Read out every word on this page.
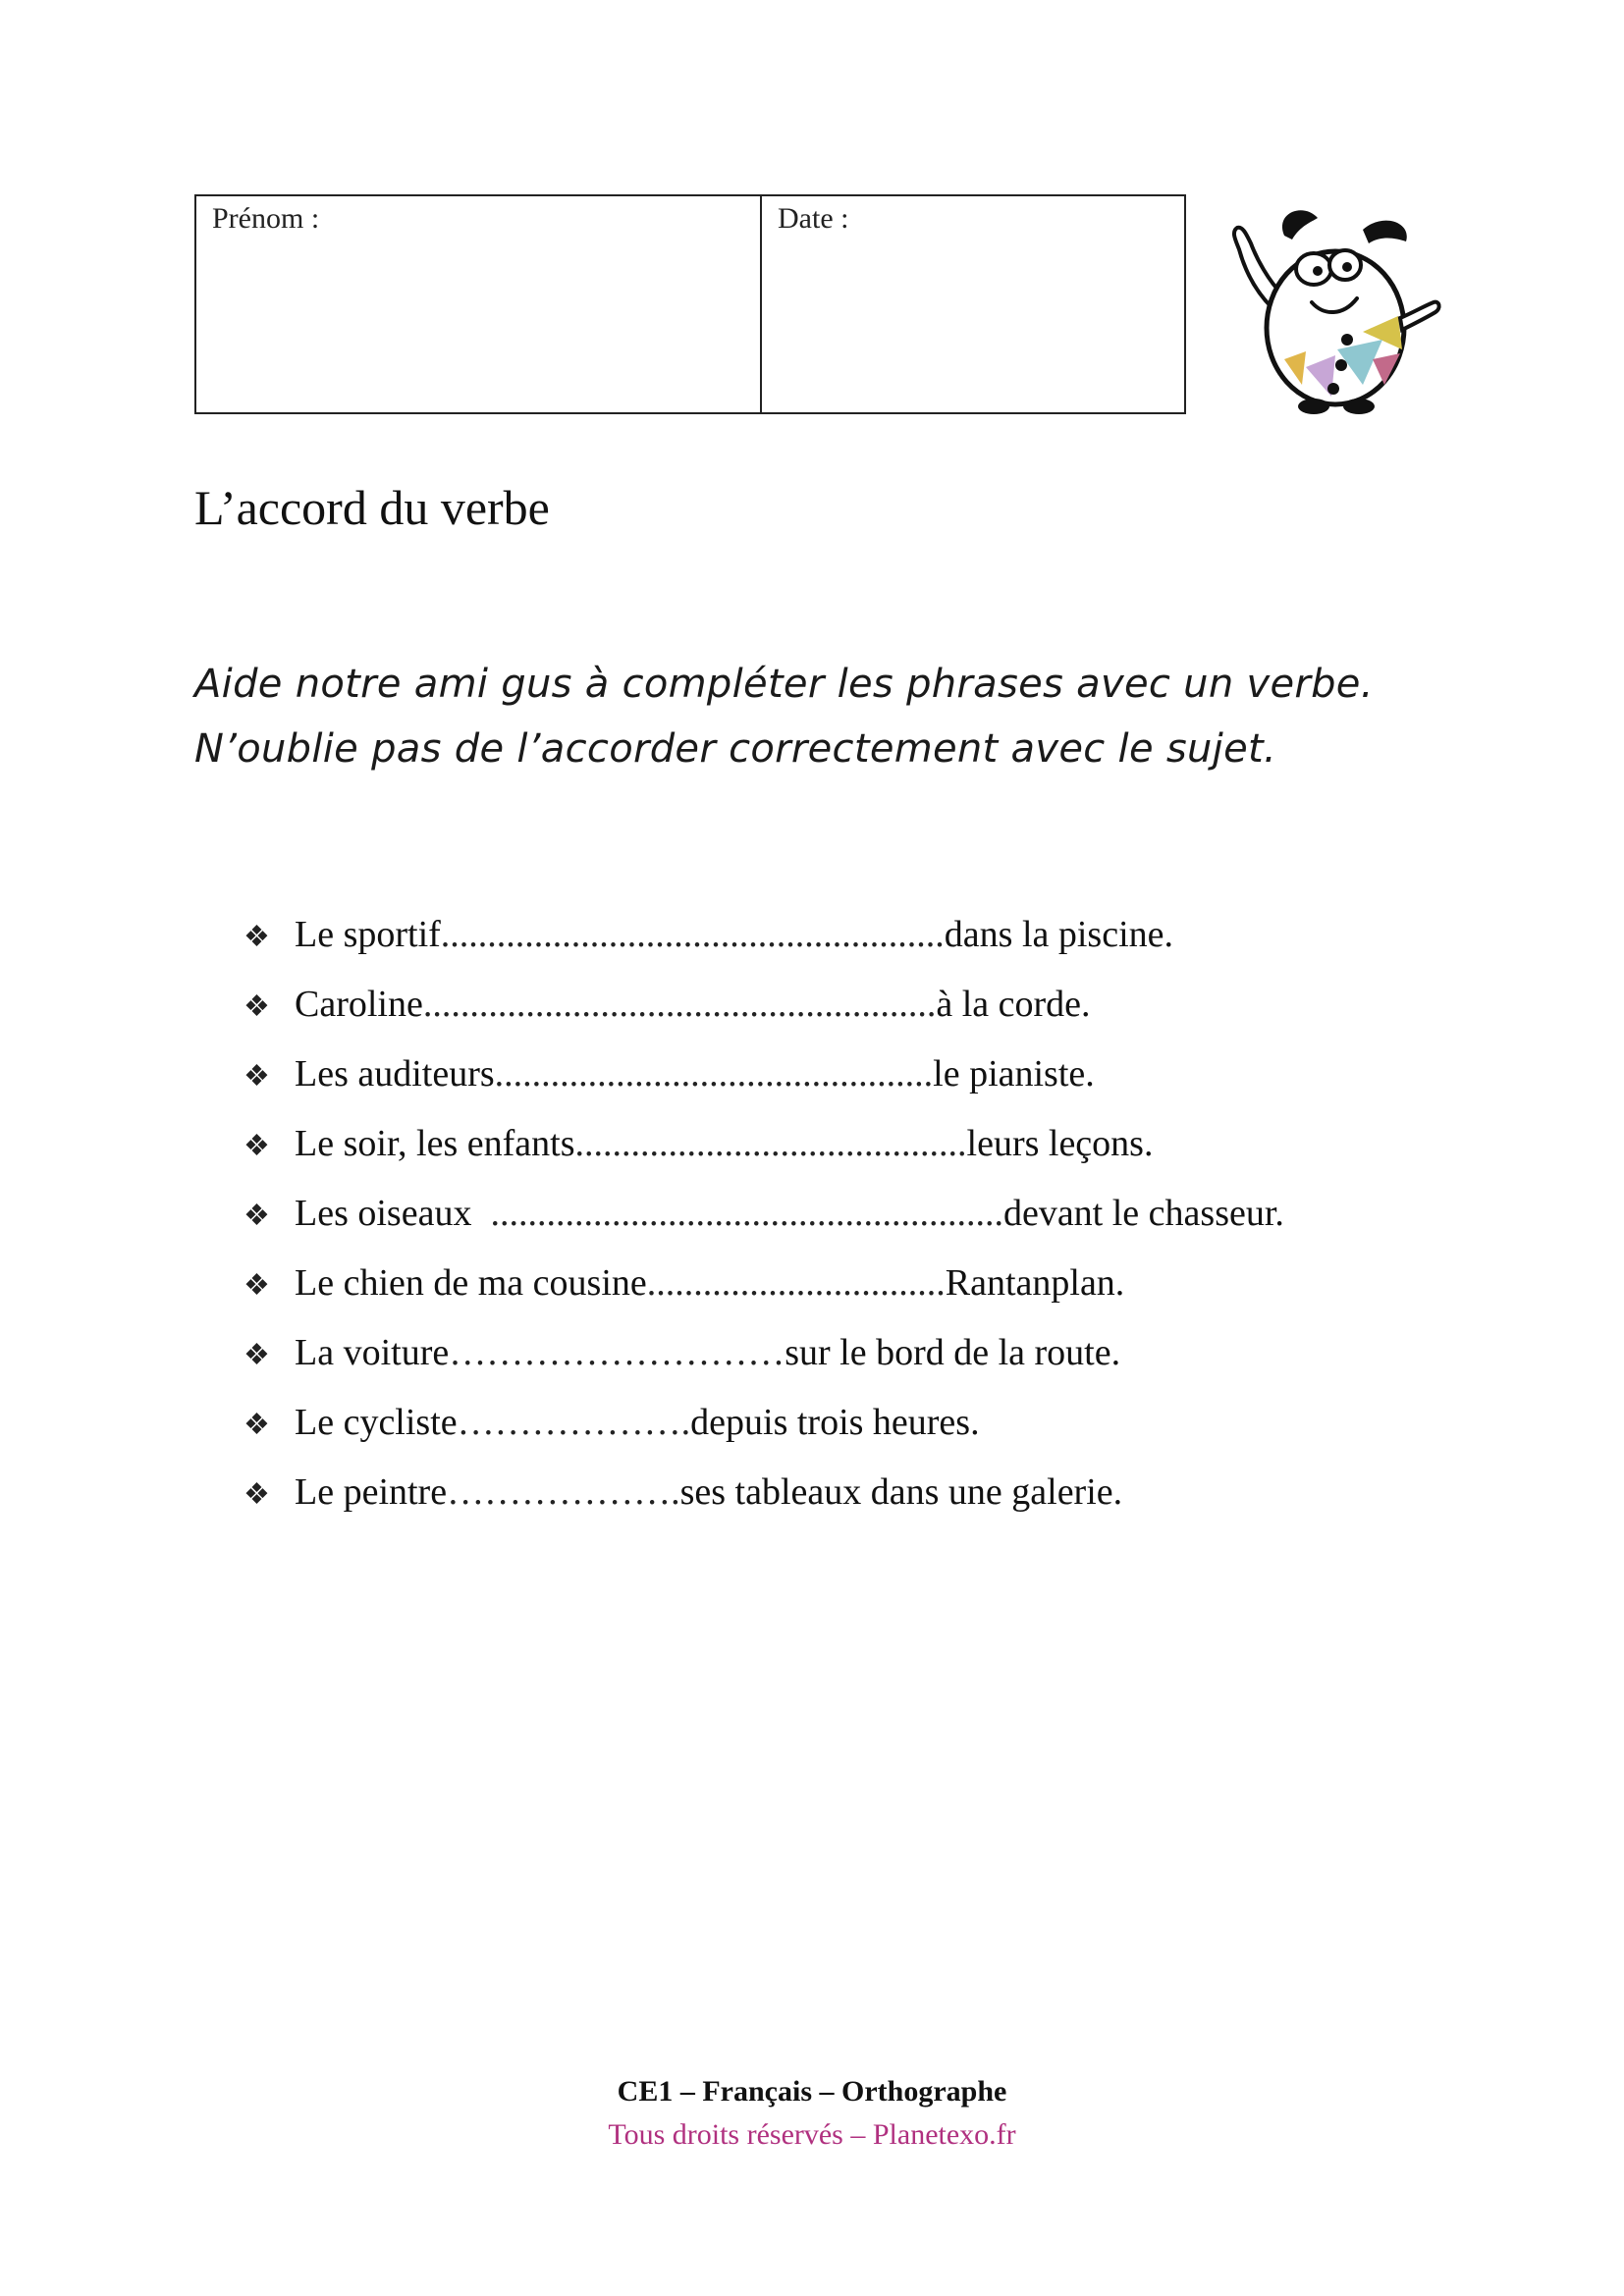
Prénom :	Date :
L’accord du verbe
Aide notre ami gus à compléter les phrases avec un verbe.
N’oublie pas de l’accorder correctement avec le sujet.
❖ Le sportif ...................................................... dans la piscine.
❖ Caroline ....................................................... à la corde.
❖ Les auditeurs ............................................... le pianiste.
❖ Le soir, les enfants .......................................... leurs leçons.
❖ Les oiseaux ....................................................... devant le chasseur.
❖ Le chien de ma cousine ................................ Rantanplan.
❖ La voiture ……………………… sur le bord de la route.
❖ Le cycliste ………………. depuis trois heures.
❖ Le peintre ………………. ses tableaux dans une galerie.
CE1 – Français – Orthographe
Tous droits réservés – Planetexo.fr
